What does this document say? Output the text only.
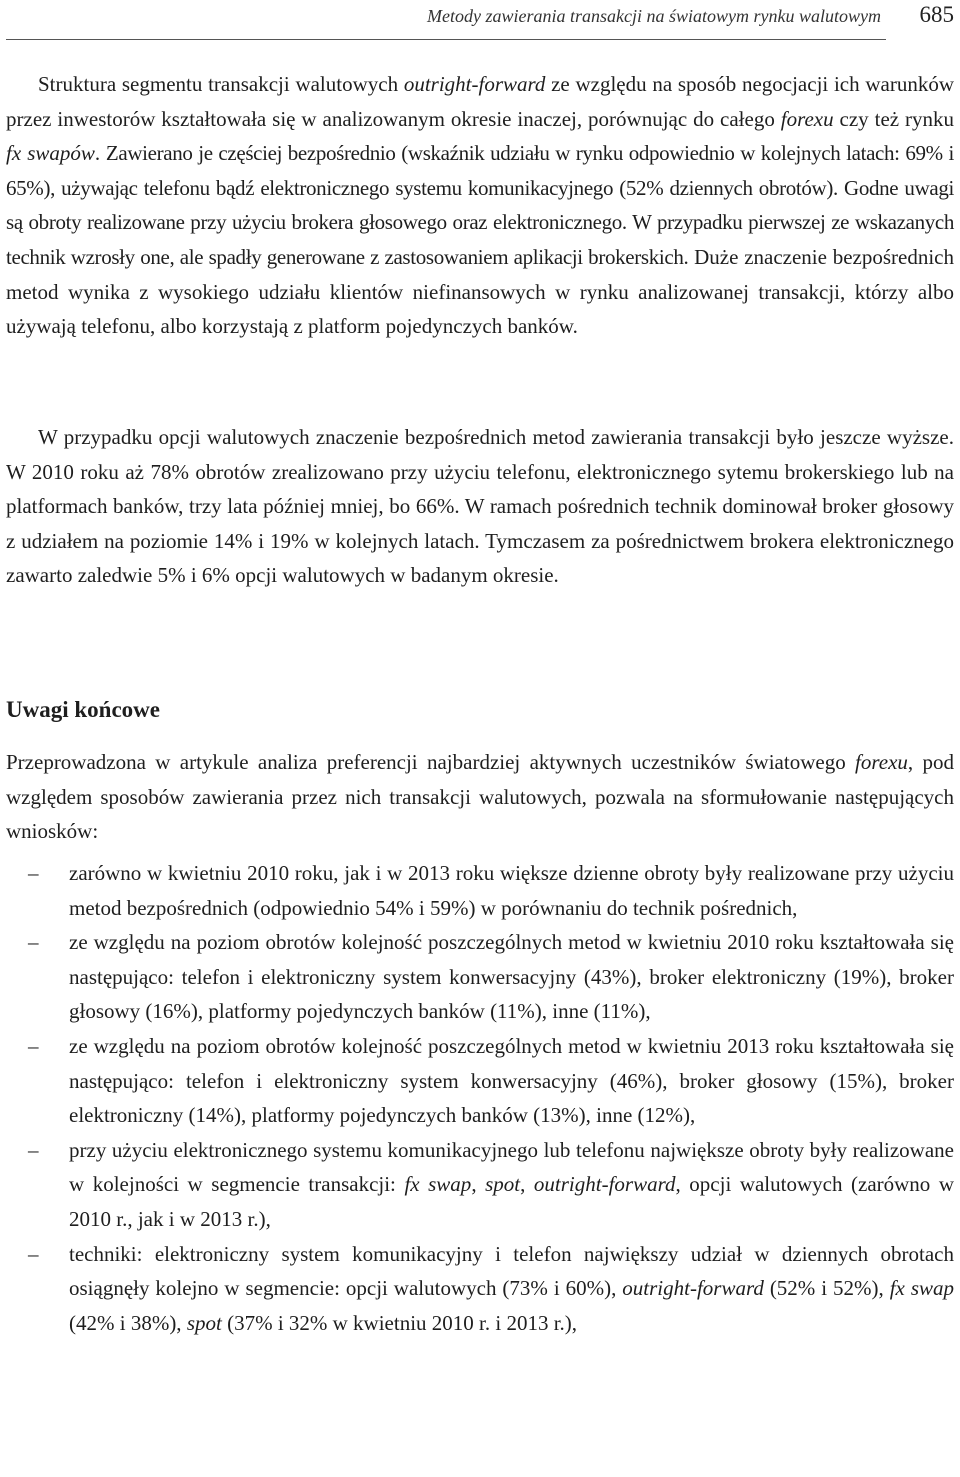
Metody zawierania transakcji na światowym rynku walutowym 685

Struktura segmentu transakcji walutowych outright-forward ze względu na sposób negocjacji ich warunków przez inwestorów kształtowała się w analizowanym okresie inaczej, porównując do całego forexu czy też rynku fx swapów. Zawierano je częściej bezpośrednio (wskaźnik udziału w rynku odpowiednio w kolejnych latach: 69% i 65%), używając telefonu bądź elektronicznego systemu komunikacyjnego (52% dziennych obrotów). Godne uwagi są obroty realizowane przy użyciu brokera głosowego oraz elektronicznego. W przypadku pierwszej ze wskazanych technik wzrosły one, ale spadły generowane z zastosowaniem aplikacji brokerskich. Duże znaczenie bezpośrednich metod wynika z wysokiego udziału klientów niefinansowych w rynku analizowanej transakcji, którzy albo używają telefonu, albo korzystają z platform pojedynczych banków.

W przypadku opcji walutowych znaczenie bezpośrednich metod zawierania transakcji było jeszcze wyższe. W 2010 roku aż 78% obrotów zrealizowano przy użyciu telefonu, elektronicznego sytemu brokerskiego lub na platformach banków, trzy lata później mniej, bo 66%. W ramach pośrednich technik dominował broker głosowy z udziałem na poziomie 14% i 19% w kolejnych latach. Tymczasem za pośrednictwem brokera elektronicznego zawarto zaledwie 5% i 6% opcji walutowych w badanym okresie.

Uwagi końcowe

Przeprowadzona w artykule analiza preferencji najbardziej aktywnych uczestników światowego forexu, pod względem sposobów zawierania przez nich transakcji walutowych, pozwala na sformułowanie następujących wniosków:

– zarówno w kwietniu 2010 roku, jak i w 2013 roku większe dzienne obroty były realizowane przy użyciu metod bezpośrednich (odpowiednio 54% i 59%) w porównaniu do technik pośrednich,
– ze względu na poziom obrotów kolejność poszczególnych metod w kwietniu 2010 roku kształtowała się następująco: telefon i elektroniczny system konwersacyjny (43%), broker elektroniczny (19%), broker głosowy (16%), platformy pojedynczych banków (11%), inne (11%),
– ze względu na poziom obrotów kolejność poszczególnych metod w kwietniu 2013 roku kształtowała się następująco: telefon i elektroniczny system konwersacyjny (46%), broker głosowy (15%), broker elektroniczny (14%), platformy pojedynczych banków (13%), inne (12%),
– przy użyciu elektronicznego systemu komunikacyjnego lub telefonu największe obroty były realizowane w kolejności w segmencie transakcji: fx swap, spot, outright-forward, opcji walutowych (zarówno w 2010 r., jak i w 2013 r.),
– techniki: elektroniczny system komunikacyjny i telefon największy udział w dziennych obrotach osiągnęły kolejno w segmencie: opcji walutowych (73% i 60%), outright-forward (52% i 52%), fx swap (42% i 38%), spot (37% i 32% w kwietniu 2010 r. i 2013 r.),
